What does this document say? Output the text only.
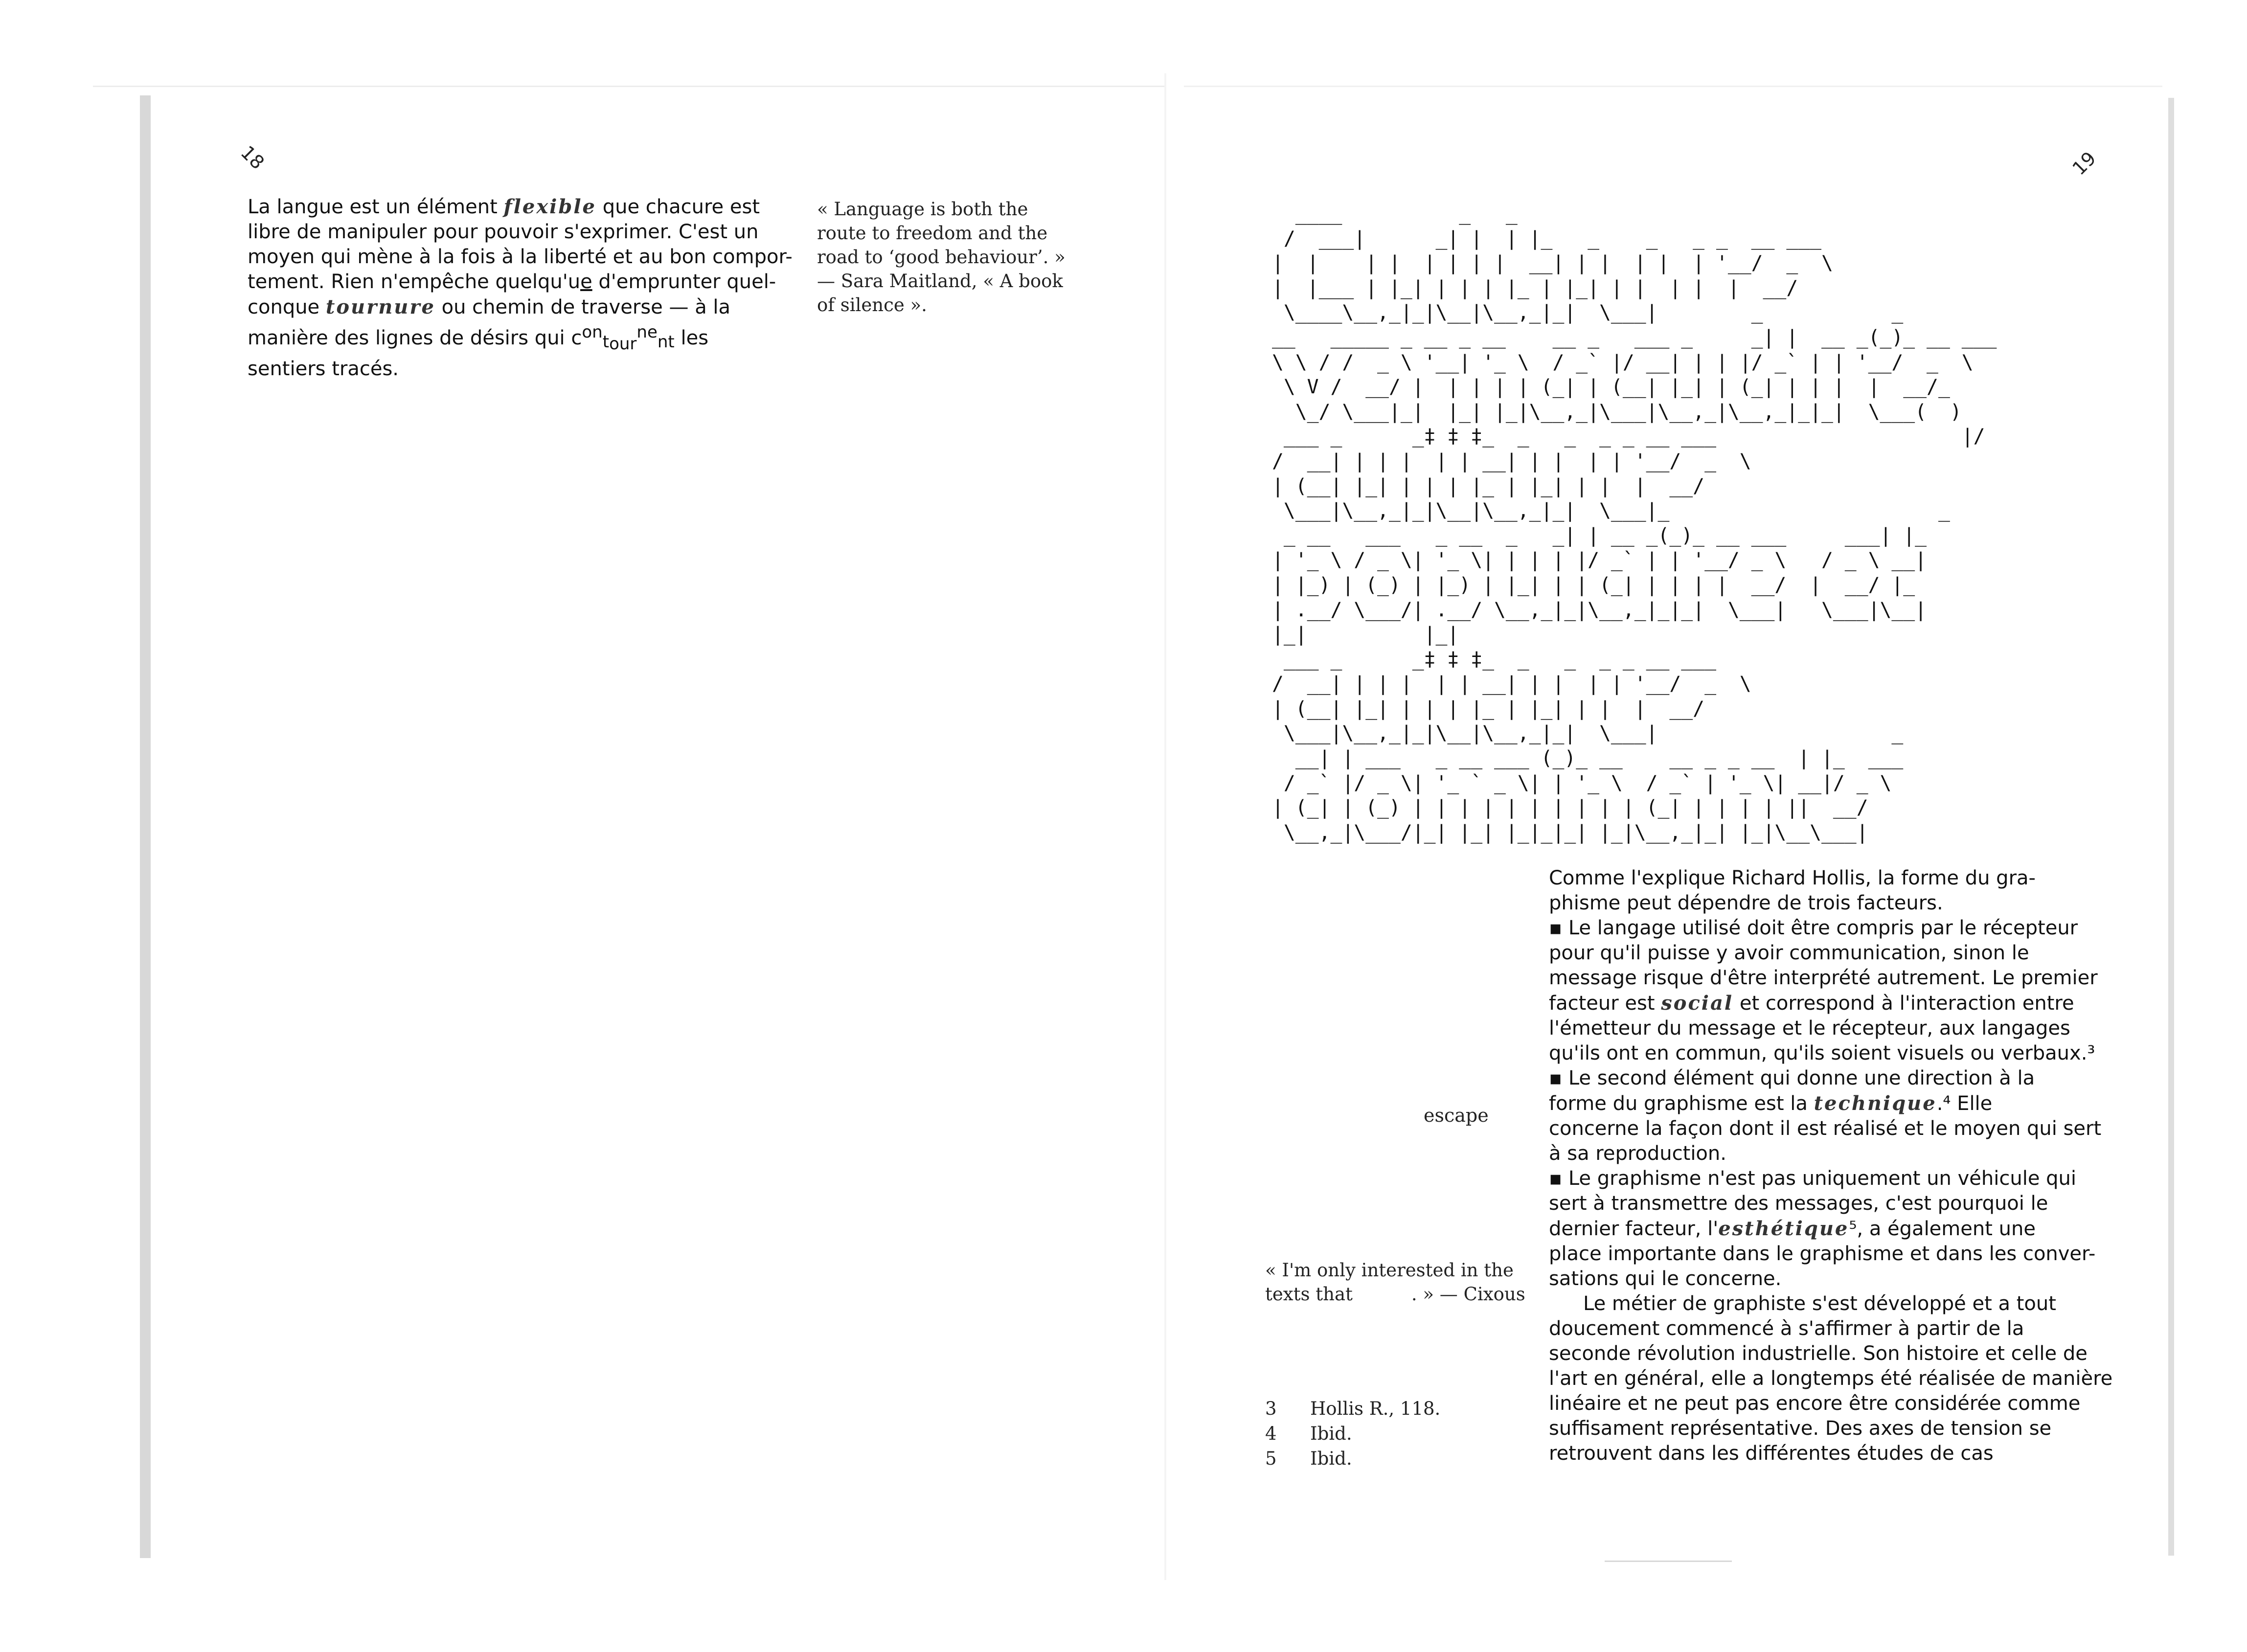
18

La langue est un élément flexible que chacure est
libre de manipuler pour pouvoir s'exprimer. C'est un
moyen qui mène à la fois à la liberté et au bon compor-
tement. Rien n'empêche quelqu'ue d'emprunter quel-
conque tournure ou chemin de traverse — à la
manière des lignes de désirs qui $c^{on}t_{our}^{ne}nt$ les
sentiers tracés.

« Language is both the route to freedom and the road to ‘good behaviour’. » — Sara Maitland, « A book of silence ».

19
____          _   _
/  ___|      _| |  | |_   _    _   _ _  __ ___
|  |    | |  | | | |  __| | |  | |  | '__/  _  \
|  |___ | |_| | | | |_ | |_| | |  | |  |  __/
\____\__,_|_|\__|\__,_|_|  \___|        _           _
__   _____ _ __ _ __    __ _   ___ _     _| |  __ _(_)_ __ ___
\ \ / /  _ \ '__| '_ \  / _` |/ __| | | |/ _` | | '__/  _  \
\ V /  __/ |  | | | | (_| | (__| |_| | (_| | | |  |  __/_
\_/ \___|_|  |_| |_|\__,_|\___|\__,_|\__,_|_|_|  \___(  )
___ _      _‡ ‡ ‡_  _   _  _ _ __ ___                     |/
/  __| | | |  | | __| | |  | | '__/  _  \
| (__| |_| | | | |_ | |_| | |  |  __/
\___|\__,_|_|\__|\__,_|_|  \___|_                       _
_ __   ___   _ __  _   _| | __ _(_)_ __ ___     ___| |_
| '_ \ / _ \| '_ \| | | | |/ _` | | '__/ _ \   / _ \ __|
| |_) | (_) | |_) | |_| | | (_| | | | |  __/  |  __/ |_
| .__/ \___/| .__/ \__,_|_|\__,_|_|_|  \___|   \___|\__|
|_|          |_|
___ _      _‡ ‡ ‡_  _   _  _ _ __ ___
/  __| | | |  | | __| | |  | | '__/  _  \
| (__| |_| | | | |_ | |_| | |  |  __/
\___|\__,_|_|\__|\__,_|_|  \___|                    _
__| | ___   _ __ ___ (_)_ __    __ _ _ __  | |_  ___
/ _` |/ _ \| '_ ` _ \| | '_ \  / _` | '_ \| __|/ _ \
| (_| | (_) | | | | | | | | | | (_| | | | | ||  __/
\__,_|\___/|_| |_| |_|_|_| |_|\__,_|_| |_|\__\___|

Comme l'explique Richard Hollis, la forme du gra-
phisme peut dépendre de trois facteurs.
▪ Le langage utilisé doit être compris par le récepteur
pour qu'il puisse y avoir communication, sinon le
message risque d'être interprété autrement. Le premier
facteur est social et correspond à l'interaction entre
l'émetteur du message et le récepteur, aux langages
qu'ils ont en commun, qu'ils soient visuels ou verbaux.³
▪ Le second élément qui donne une direction à la
forme du graphisme est la technique.⁴ Elle
concerne la façon dont il est réalisé et le moyen qui sert
à sa reproduction.
▪ Le graphisme n'est pas uniquement un véhicule qui
sert à transmettre des messages, c'est pourquoi le
dernier facteur, l'esthétique⁵, a également une
place importante dans le graphisme et dans les conver-
sations qui le concerne.
Le métier de graphiste s'est développé et a tout
doucement commencé à s'affirmer à partir de la
seconde révolution industrielle. Son histoire et celle de
l'art en général, elle a longtemps été réalisée de manière
linéaire et ne peut pas encore être considérée comme
suffisament représentative. Des axes de tension se
retrouvent dans les différentes études de cas

escape

« I'm only interested in the texts that	. » — Cixous

3	Hollis R., 118.
4	Ibid.
5	Ibid.
